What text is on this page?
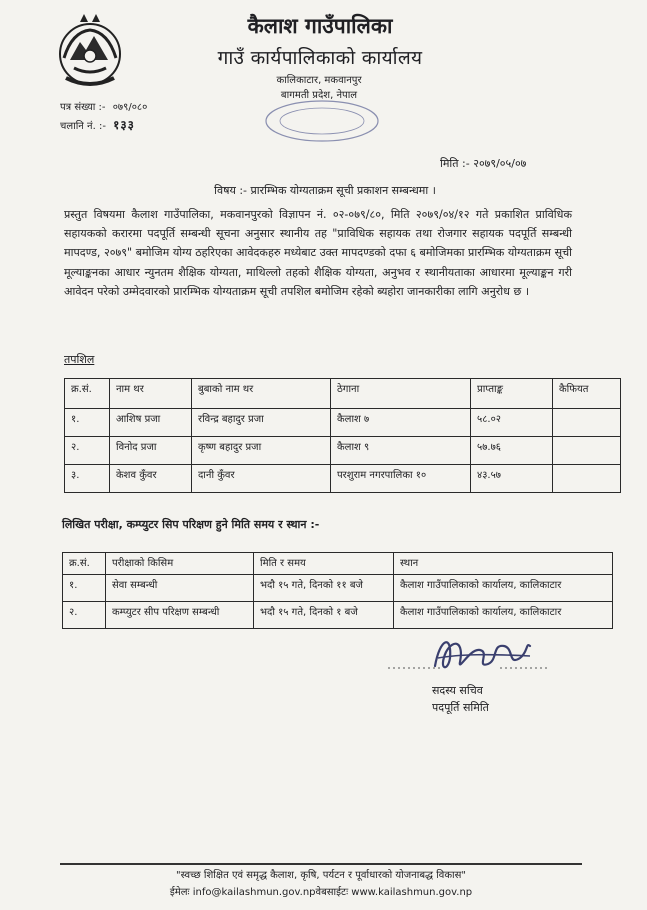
कैलाश गाउँपालिका
गाउँ कार्यपालिकाको कार्यालय
कालिकाटार, मकवानपुर
बागमती प्रदेश, नेपाल
पत्र संख्या :- ०७९/०८०
चलानि नं. :- १३३
मिति :- २०७९/०५/०७
विषय :- प्रारम्भिक योग्यताक्रम सूची प्रकाशन सम्बन्धमा ।
प्रस्तुत विषयमा कैलाश गाउँपालिका, मकवानपुरको विज्ञापन नं. ०२-०७९/८०, मिति २०७९/०४/१२ गते प्रकाशित प्राविधिक सहायकको करारमा पदपूर्ति सम्बन्धी सूचना अनुसार स्थानीय तह "प्राविधिक सहायक तथा रोजगार सहायक पदपूर्ति सम्बन्धी मापदण्ड, २०७९" बमोजिम योग्य ठहरिएका आवेदकहरु मध्येबाट उक्त मापदण्डको दफा ६ बमोजिमका प्रारम्भिक योग्यताक्रम सूची मूल्याङ्कनका आधार न्युनतम शैक्षिक योग्यता, माथिल्लो तहको शैक्षिक योग्यता, अनुभव र स्थानीयताका आधारमा मूल्याङ्कन गरी आवेदन परेको उम्मेदवारको प्रारम्भिक योग्यताक्रम सूची तपशिल बमोजिम रहेको ब्यहोरा जानकारीका लागि अनुरोध छ ।
तपशिल
क्र.सं.	नाम थर	बुबाको नाम थर	ठेगाना	प्राप्ताङ्क	कैफियत
१.	आशिष प्रजा	रविन्द्र बहादुर प्रजा	कैलाश ७	५८.०२	
२.	विनोद प्रजा	कृष्ण बहादुर प्रजा	कैलाश ९	५७.७६	
३.	केशव कुँवर	दानी कुँवर	परशुराम नगरपालिका १०	४३.५७	
लिखित परीक्षा, कम्प्युटर सिप परिक्षण हुने मिति समय र स्थान :-
क्र.सं.	परीक्षाको किसिम	मिति र समय	स्थान
१.	सेवा सम्बन्धी	भदौ १५ गते, दिनको ११ बजे	कैलाश गाउँपालिकाको कार्यालय, कालिकाटार
२.	कम्प्युटर सीप परिक्षण सम्बन्धी	भदौ १५ गते, दिनको १ बजे	कैलाश गाउँपालिकाको कार्यालय, कालिकाटार
सदस्य सचिव
पदपूर्ति समिति
"स्वच्छ शिक्षित एवं समृद्ध कैलाश, कृषि, पर्यटन र पूर्वाधारको योजनाबद्ध विकास"
ईमेलः info@kailashmun.gov.npवेबसाईटः www.kailashmun.gov.np
